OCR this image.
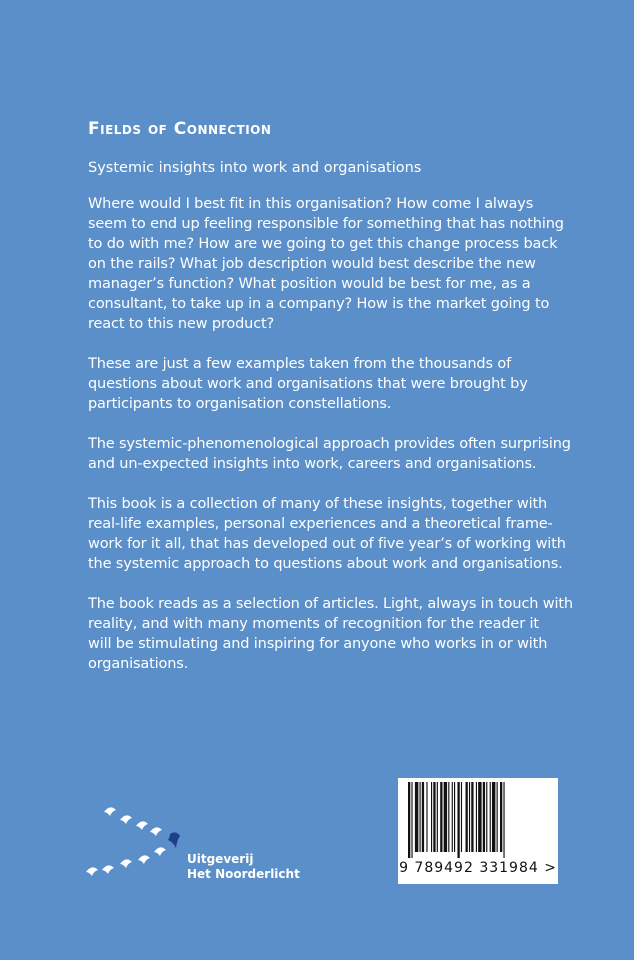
Fields of Connection

Systemic insights into work and organisations

Where would I best fit in this organisation? How come I always
seem to end up feeling responsible for something that has nothing
to do with me? How are we going to get this change process back
on the rails? What job description would best describe the new
manager’s function? What position would be best for me, as a
consultant, to take up in a company? How is the market going to
react to this new product?

These are just a few examples taken from the thousands of
questions about work and organisations that were brought by
participants to organisation constellations.

The systemic-phenomenological approach provides often surprising
and un-expected insights into work, careers and organisations.

This book is a collection of many of these insights, together with
real-life examples, personal experiences and a theoretical frame-
work for it all, that has developed out of five year’s of working with
the systemic approach to questions about work and organisations.

The book reads as a selection of articles. Light, always in touch with
reality, and with many moments of recognition for the reader it
will be stimulating and inspiring for anyone who works in or with
organisations.

Uitgeverij
Het Noorderlicht	9 789492 331984 >
